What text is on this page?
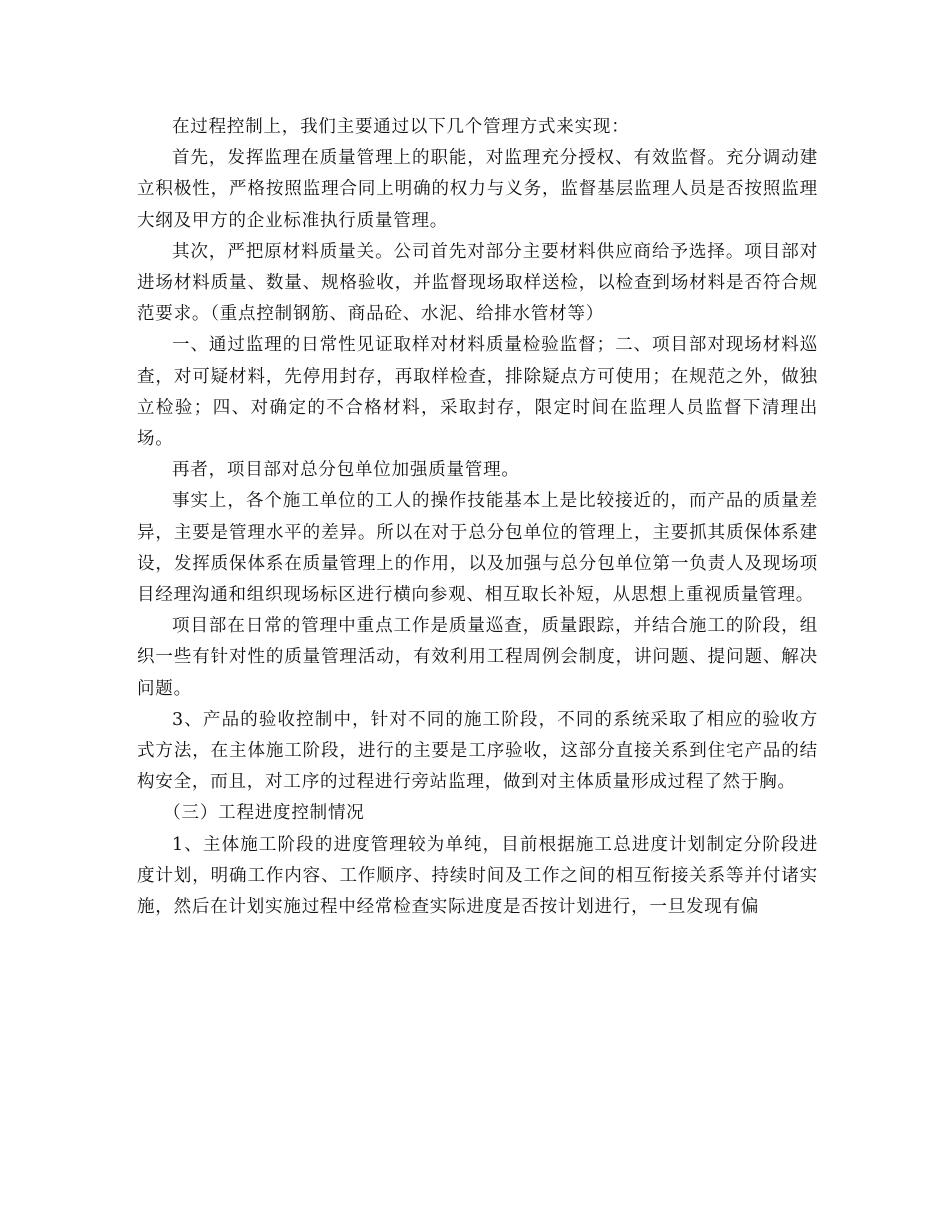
在过程控制上，我们主要通过以下几个管理方式来实现：

首先，发挥监理在质量管理上的职能，对监理充分授权、有效监督。充分调动建立积极性，严格按照监理合同上明确的权力与义务，监督基层监理人员是否按照监理大纲及甲方的企业标准执行质量管理。

其次，严把原材料质量关。公司首先对部分主要材料供应商给予选择。项目部对进场材料质量、数量、规格验收，并监督现场取样送检，以检查到场材料是否符合规范要求。（重点控制钢筋、商品砼、水泥、给排水管材等）

一、通过监理的日常性见证取样对材料质量检验监督；二、项目部对现场材料巡查，对可疑材料，先停用封存，再取样检查，排除疑点方可使用；在规范之外，做独立检验；四、对确定的不合格材料，采取封存，限定时间在监理人员监督下清理出场。

再者，项目部对总分包单位加强质量管理。

事实上，各个施工单位的工人的操作技能基本上是比较接近的，而产品的质量差异，主要是管理水平的差异。所以在对于总分包单位的管理上，主要抓其质保体系建设，发挥质保体系在质量管理上的作用，以及加强与总分包单位第一负责人及现场项目经理沟通和组织现场标区进行横向参观、相互取长补短，从思想上重视质量管理。

项目部在日常的管理中重点工作是质量巡查，质量跟踪，并结合施工的阶段，组织一些有针对性的质量管理活动，有效利用工程周例会制度，讲问题、提问题、解决问题。

3、产品的验收控制中，针对不同的施工阶段，不同的系统采取了相应的验收方式方法，在主体施工阶段，进行的主要是工序验收，这部分直接关系到住宅产品的结构安全，而且，对工序的过程进行旁站监理，做到对主体质量形成过程了然于胸。

（三）工程进度控制情况

1、主体施工阶段的进度管理较为单纯，目前根据施工总进度计划制定分阶段进度计划，明确工作内容、工作顺序、持续时间及工作之间的相互衔接关系等并付诸实施，然后在计划实施过程中经常检查实际进度是否按计划进行，一旦发现有偏
